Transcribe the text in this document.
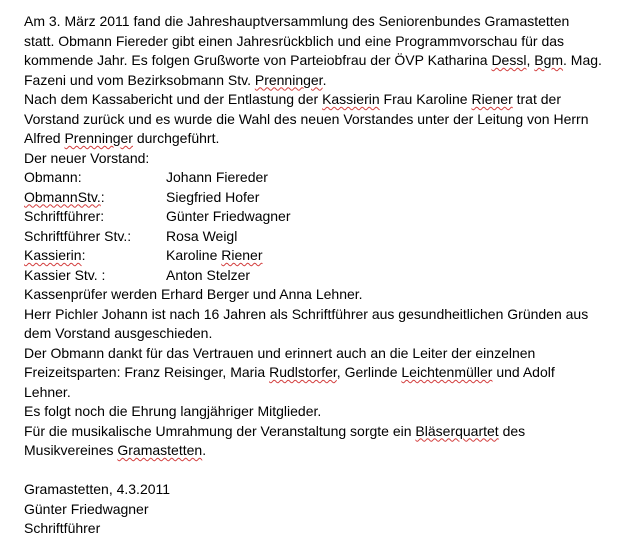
Am 3. März 2011 fand die Jahreshauptversammlung des Seniorenbundes Gramastetten
statt. Obmann Fiereder gibt einen Jahresrückblich und eine Programmvorschau für das
kommende Jahr. Es folgen Grußworte von Parteiobfrau der ÖVP Katharina Dessl, Bgm. Mag.
Fazeni und vom Bezirksobmann Stv. Prenninger.
Nach dem Kassabericht und der Entlastung der Kassierin Frau Karoline Riener trat der
Vorstand zurück und es wurde die Wahl des neuen Vorstandes unter der Leitung von Herrn
Alfred Prenninger durchgeführt.
Der neuer Vorstand:
Obmann:	Johann Fiereder
ObmannStv.:	Siegfried Hofer
Schriftführer:	Günter Friedwagner
Schriftführer Stv.:	Rosa Weigl
Kassierin:	Karoline Riener
Kassier Stv. :	Anton Stelzer
Kassenprüfer werden Erhard Berger und Anna Lehner.
Herr Pichler Johann ist nach 16 Jahren als Schriftführer aus gesundheitlichen Gründen aus
dem Vorstand ausgeschieden.
Der Obmann dankt für das Vertrauen und erinnert auch an die Leiter der einzelnen
Freizeitsparten: Franz Reisinger, Maria Rudlstorfer, Gerlinde Leichtenmüller und Adolf
Lehner.
Es folgt noch die Ehrung langjähriger Mitglieder.
Für die musikalische Umrahmung der Veranstaltung sorgte ein Bläserquartet des
Musikvereines Gramastetten.
Gramastetten, 4.3.2011
Günter Friedwagner
Schriftführer
